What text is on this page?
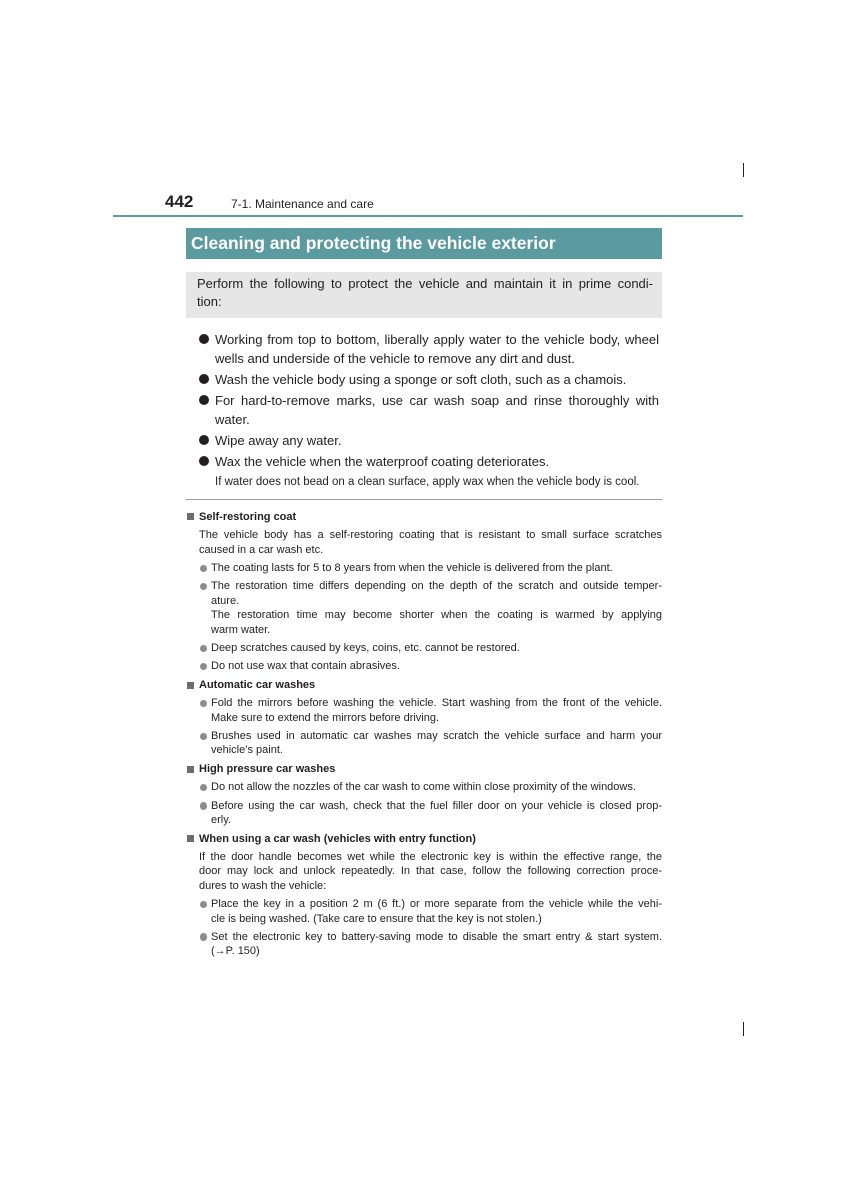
442	7-1. Maintenance and care
Cleaning and protecting the vehicle exterior
Perform the following to protect the vehicle and maintain it in prime condi-
tion:
Working from top to bottom, liberally apply water to the vehicle body, wheel
wells and underside of the vehicle to remove any dirt and dust.
Wash the vehicle body using a sponge or soft cloth, such as a chamois.
For hard-to-remove marks, use car wash soap and rinse thoroughly with
water.
Wipe away any water.
Wax the vehicle when the waterproof coating deteriorates.
If water does not bead on a clean surface, apply wax when the vehicle body is cool.
Self-restoring coat
The vehicle body has a self-restoring coating that is resistant to small surface scratches
caused in a car wash etc.
The coating lasts for 5 to 8 years from when the vehicle is delivered from the plant.
The restoration time differs depending on the depth of the scratch and outside temper-
ature.
The restoration time may become shorter when the coating is warmed by applying
warm water.
Deep scratches caused by keys, coins, etc. cannot be restored.
Do not use wax that contain abrasives.
Automatic car washes
Fold the mirrors before washing the vehicle. Start washing from the front of the vehicle.
Make sure to extend the mirrors before driving.
Brushes used in automatic car washes may scratch the vehicle surface and harm your
vehicle’s paint.
High pressure car washes
Do not allow the nozzles of the car wash to come within close proximity of the windows.
Before using the car wash, check that the fuel filler door on your vehicle is closed prop-
erly.
When using a car wash (vehicles with entry function)
If the door handle becomes wet while the electronic key is within the effective range, the
door may lock and unlock repeatedly. In that case, follow the following correction proce-
dures to wash the vehicle:
Place the key in a position 2 m (6 ft.) or more separate from the vehicle while the vehi-
cle is being washed. (Take care to ensure that the key is not stolen.)
Set the electronic key to battery-saving mode to disable the smart entry & start system.
(→P. 150)
